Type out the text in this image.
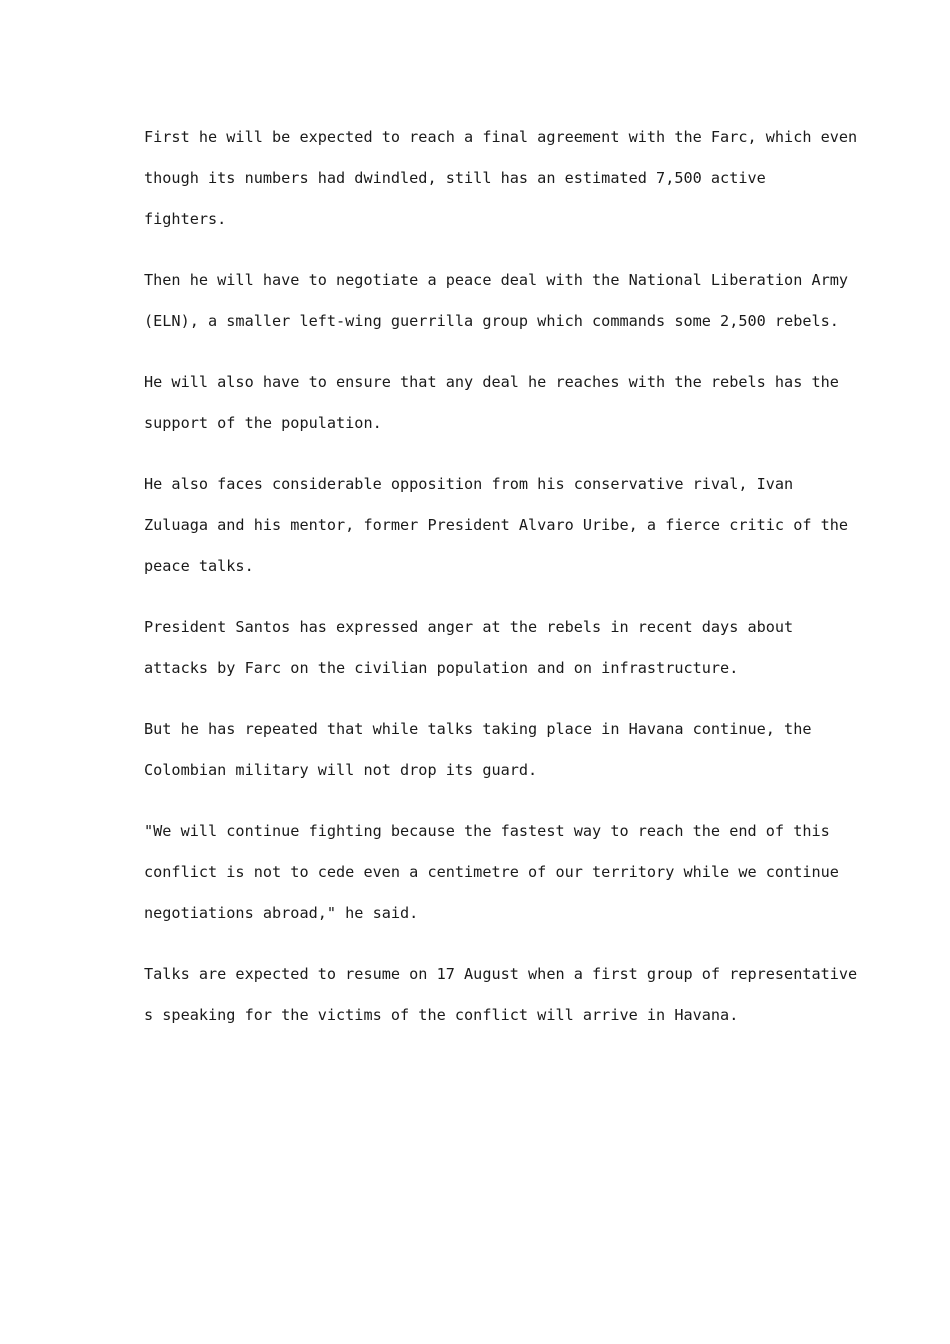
First he will be expected to reach a final agreement with the Farc, which even
though its numbers had dwindled, still has an estimated 7,500 active
fighters.

Then he will have to negotiate a peace deal with the National Liberation Army
(ELN), a smaller left-wing guerrilla group which commands some 2,500 rebels.

He will also have to ensure that any deal he reaches with the rebels has the
support of the population.

He also faces considerable opposition from his conservative rival, Ivan
Zuluaga and his mentor, former President Alvaro Uribe, a fierce critic of the
peace talks.

President Santos has expressed anger at the rebels in recent days about
attacks by Farc on the civilian population and on infrastructure.

But he has repeated that while talks taking place in Havana continue, the
Colombian military will not drop its guard.

"We will continue fighting because the fastest way to reach the end of this
conflict is not to cede even a centimetre of our territory while we continue
negotiations abroad," he said.

Talks are expected to resume on 17 August when a first group of representative
s speaking for the victims of the conflict will arrive in Havana.
